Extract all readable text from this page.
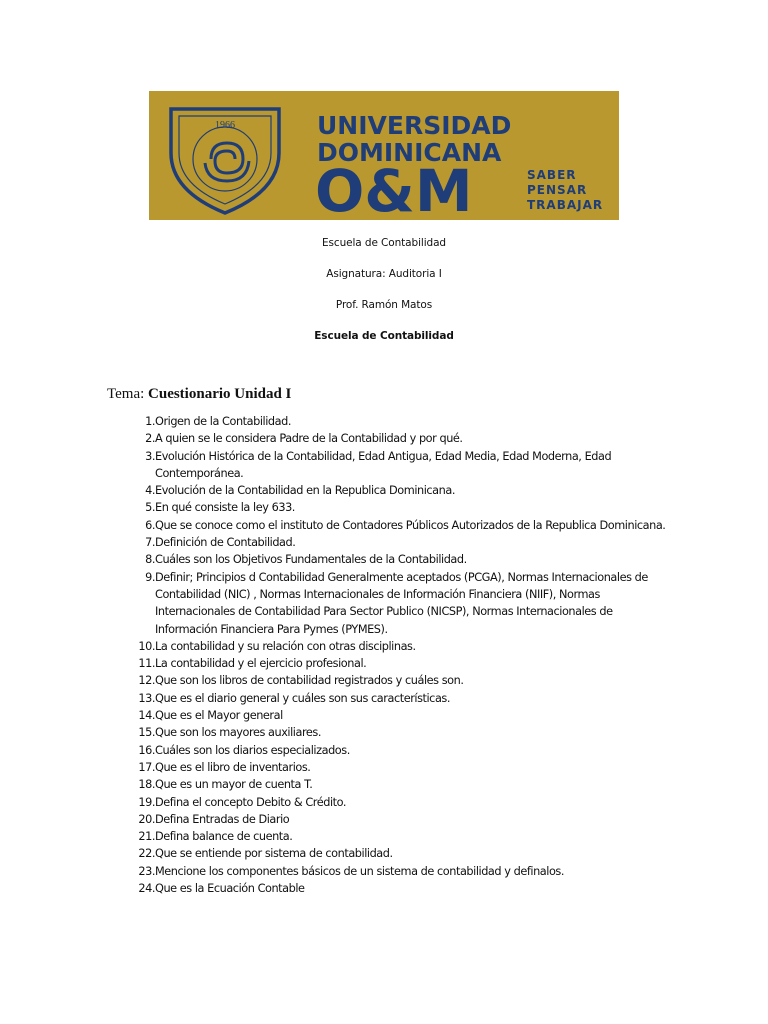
1966	UNIVERSIDAD
DOMINICANA
O&M	SABER
PENSAR
TRABAJAR
Escuela de Contabilidad
Asignatura: Auditoria I
Prof. Ramón Matos
Escuela de Contabilidad
Tema: Cuestionario Unidad I
1. Origen de la Contabilidad.
2. A quien se le considera Padre de la Contabilidad y por qué.
3. Evolución Histórica de la Contabilidad, Edad Antigua, Edad Media, Edad Moderna, Edad Contemporánea.
4. Evolución de la Contabilidad en la Republica Dominicana.
5. En qué consiste la ley 633.
6. Que se conoce como el instituto de Contadores Públicos Autorizados de la Republica Dominicana.
7. Definición de Contabilidad.
8. Cuáles son los Objetivos Fundamentales de la Contabilidad.
9. Definir; Principios d Contabilidad Generalmente aceptados (PCGA), Normas Internacionales de Contabilidad (NIC) , Normas Internacionales de Información Financiera (NIIF), Normas Internacionales de Contabilidad Para Sector Publico (NICSP), Normas Internacionales de Información Financiera Para Pymes (PYMES).
10. La contabilidad y su relación con otras disciplinas.
11. La contabilidad y el ejercicio profesional.
12. Que son los libros de contabilidad registrados y cuáles son.
13. Que es el diario general y cuáles son sus características.
14. Que es el Mayor general
15. Que son los mayores auxiliares.
16. Cuáles son los diarios especializados.
17. Que es el libro de inventarios.
18. Que es un mayor de cuenta T.
19. Defina el concepto Debito & Crédito.
20. Defina Entradas de Diario
21. Defina balance de cuenta.
22. Que se entiende por sistema de contabilidad.
23. Mencione los componentes básicos de un sistema de contabilidad y definalos.
24. Que es la Ecuación Contable
